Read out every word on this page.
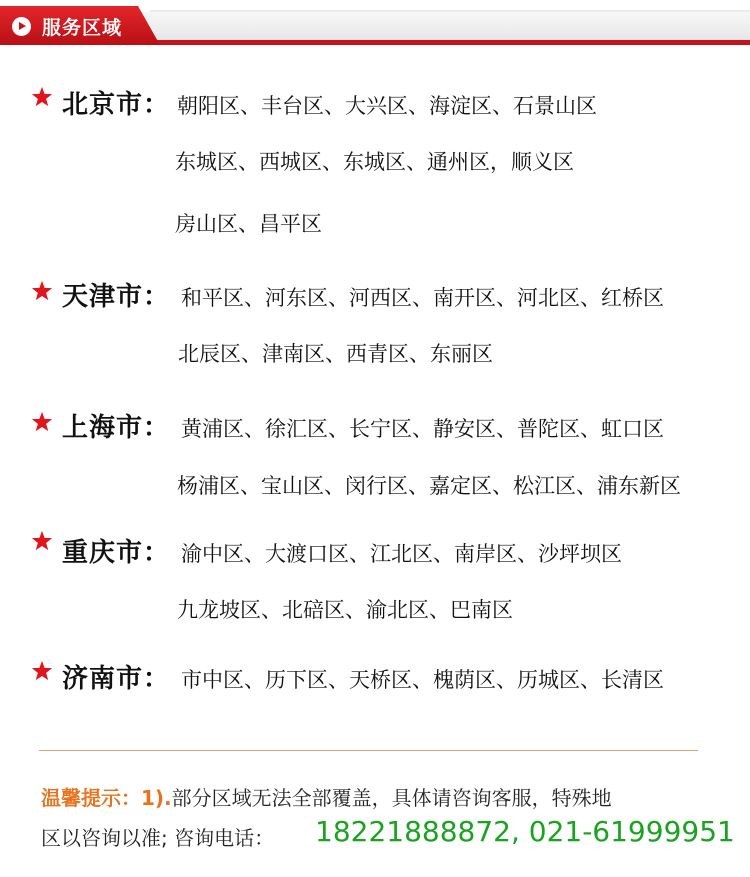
服务区域
北京市： 朝阳区、丰台区、大兴区、海淀区、石景山区
东城区、西城区、东城区、通州区，顺义区
房山区、昌平区
天津市： 和平区、河东区、河西区、南开区、河北区、红桥区
北辰区、津南区、西青区、东丽区
上海市： 黄浦区、徐汇区、长宁区、静安区、普陀区、虹口区
杨浦区、宝山区、闵行区、嘉定区、松江区、浦东新区
重庆市： 渝中区、大渡口区、江北区、南岸区、沙坪坝区
九龙坡区、北碚区、渝北区、巴南区
济南市： 市中区、历下区、天桥区、槐荫区、历城区、长清区
温馨提示：1).部分区域无法全部覆盖，具体请咨询客服，特殊地
区以咨询以准; 咨询电话： 18221888872, 021-61999951
